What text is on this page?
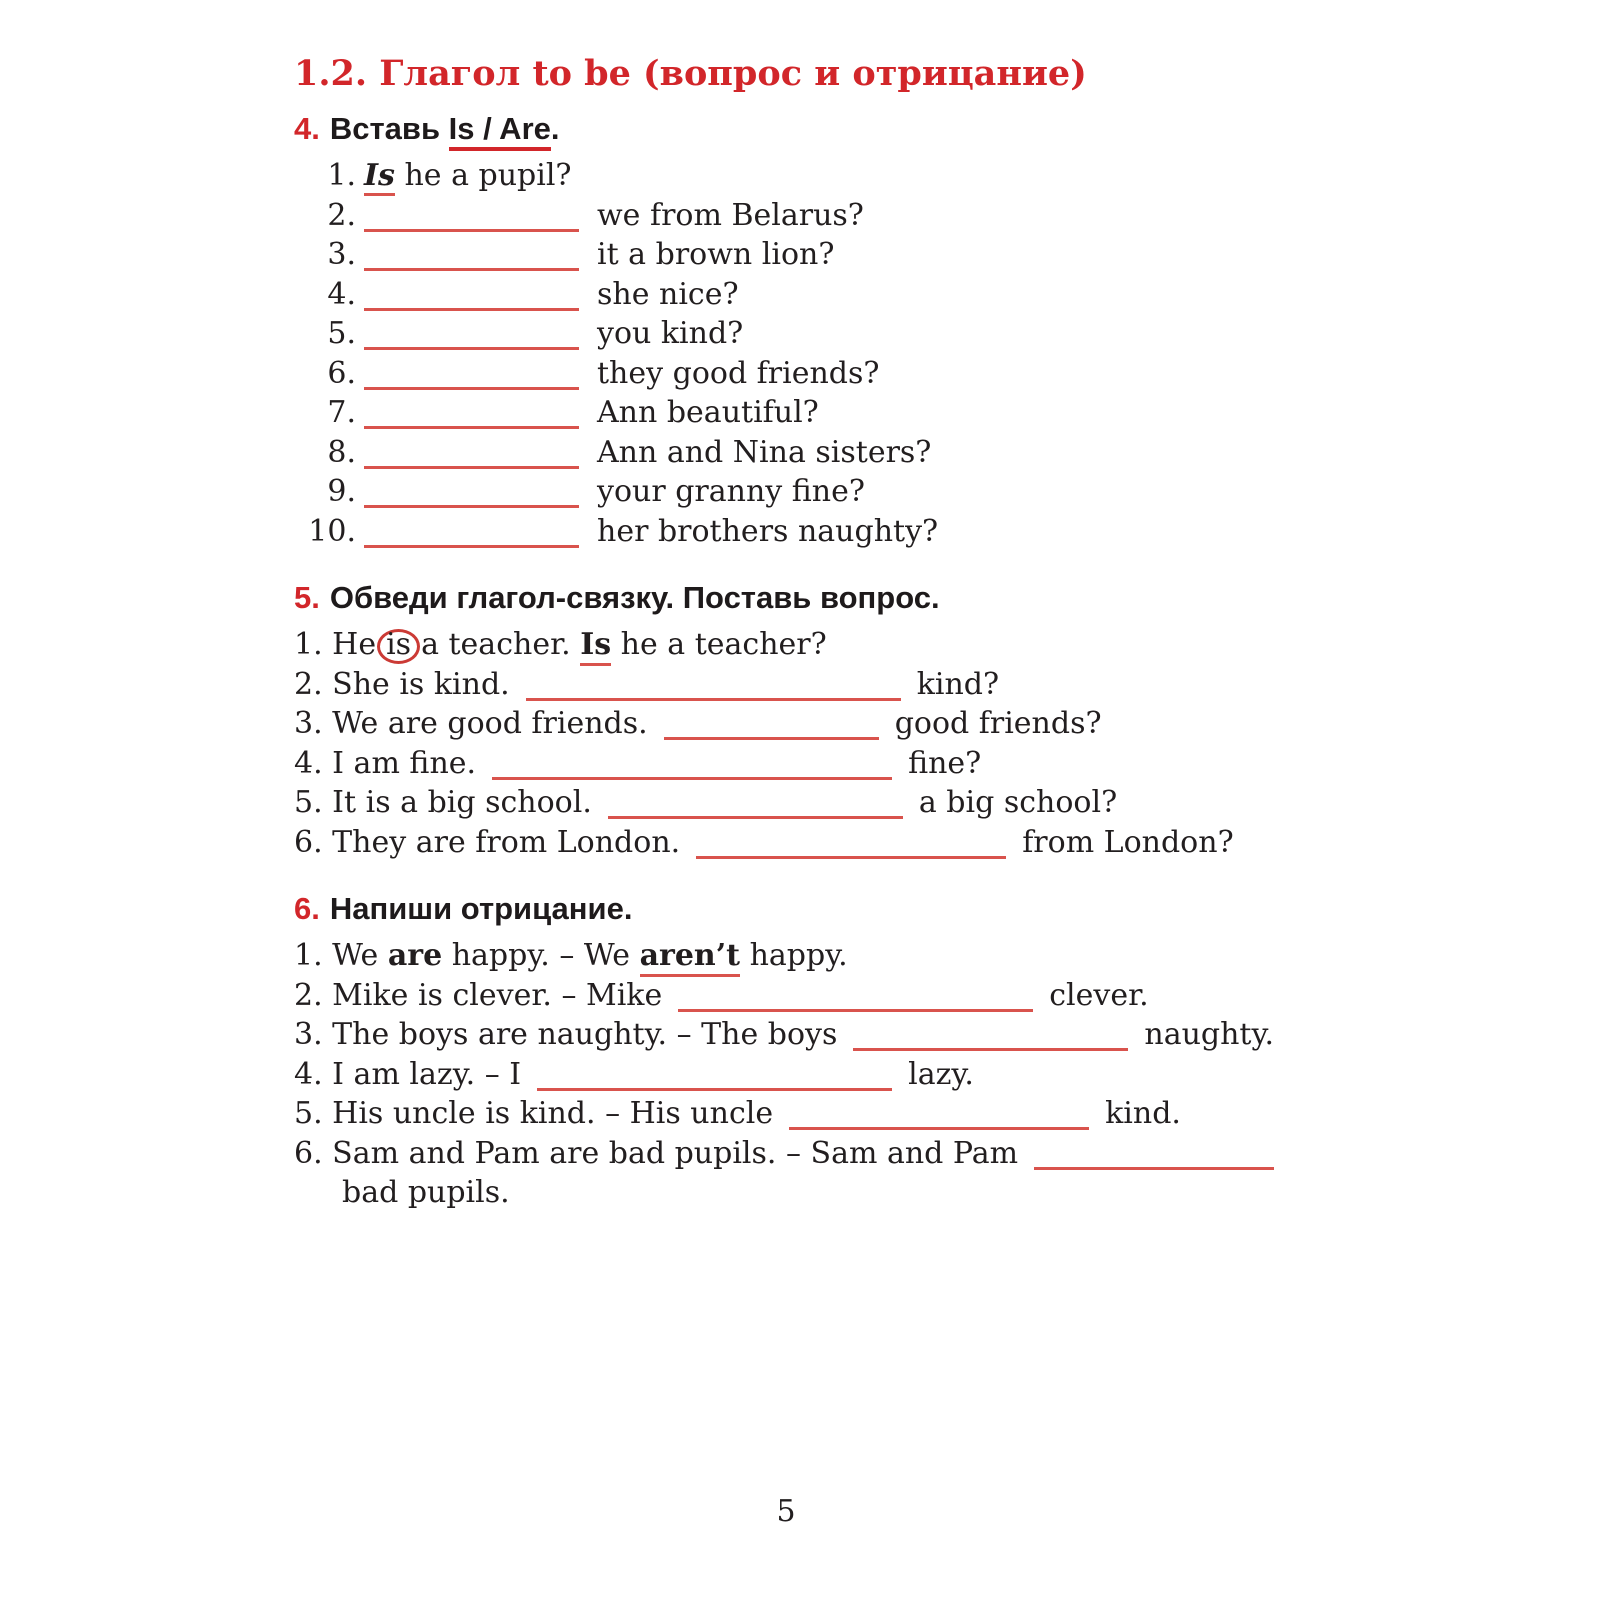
1.2. Глагол to be (вопрос и отрицание)
4. Вставь Is / Are.
1. Is he a pupil?
2.	we from Belarus?
3.	it a brown lion?
4.	she nice?
5.	you kind?
6.	they good friends?
7.	Ann beautiful?
8.	Ann and Nina sisters?
9.	your granny fine?
10.	her brothers naughty?
5. Обведи глагол-связку. Поставь вопрос.
1. He is a teacher. Is he a teacher?
2. She is kind.	kind?
3. We are good friends.	good friends?
4. I am fine.	fine?
5. It is a big school.	a big school?
6. They are from London.	from London?
6. Напиши отрицание.
1. We are happy. – We aren’t happy.
2. Mike is clever. – Mike	clever.
3. The boys are naughty. – The boys	naughty.
4. I am lazy. – I	lazy.
5. His uncle is kind. – His uncle	kind.
6. Sam and Pam are bad pupils. – Sam and Pam
bad pupils.
5
